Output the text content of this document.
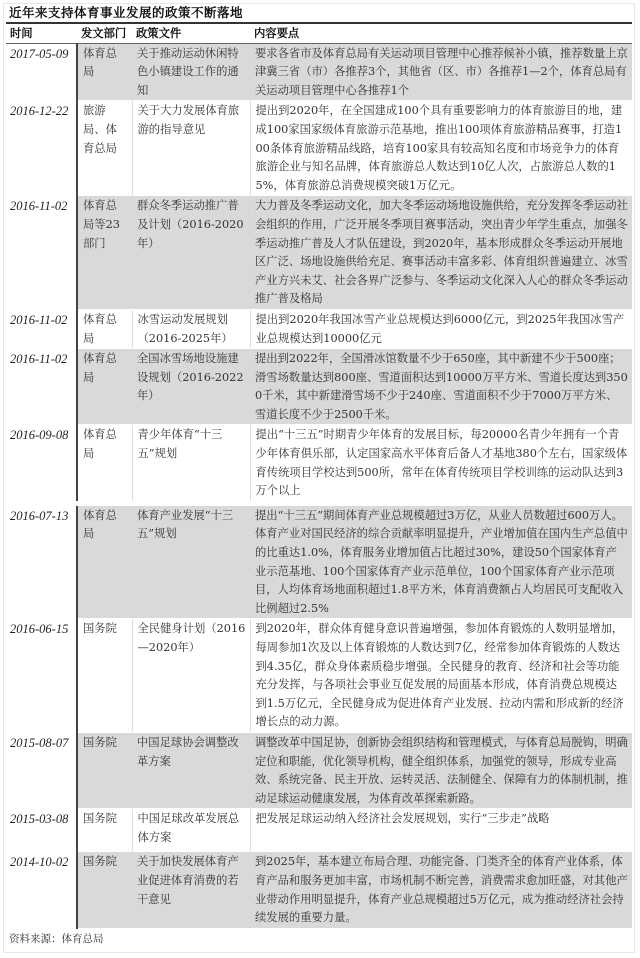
近年来支持体育事业发展的政策不断落地
时间	发文部门	政策文件	内容要点
2017-05-09	体育总局	关于推动运动休闲特色小镇建设工作的通知	要求各省市及体育总局有关运动项目管理中心推荐候补小镇，推荐数量上京津冀三省（市）各推荐3个，其他省（区、市）各推荐1—2个，体育总局有关运动项目管理中心各推荐1个
2016-12-22	旅游局、体育总局	关于大力发展体育旅游的指导意见	提出到2020年，在全国建成100个具有重要影响力的体育旅游目的地，建成100家国家级体育旅游示范基地，推出100项体育旅游精品赛事，打造100条体育旅游精品线路，培育100家具有较高知名度和市场竞争力的体育旅游企业与知名品牌，体育旅游总人数达到10亿人次，占旅游总人数的15%，体育旅游总消费规模突破1万亿元。
2016-11-02	体育总局等23部门	群众冬季运动推广普及计划（2016-2020年）	大力普及冬季运动文化，加大冬季运动场地设施供给，充分发挥冬季运动社会组织的作用，广泛开展冬季项目赛事活动，突出青少年学生重点，加强冬季运动推广普及人才队伍建设，到2020年，基本形成群众冬季运动开展地区广泛、场地设施供给充足、赛事活动丰富多彩、体育组织普遍建立、冰雪产业方兴未艾、社会各界广泛参与、冬季运动文化深入人心的群众冬季运动推广普及格局
2016-11-02	体育总局	冰雪运动发展规划（2016-2025年）	提出到2020年我国冰雪产业总规模达到6000亿元，到2025年我国冰雪产业总规模达到10000亿元
2016-11-02	体育总局	全国冰雪场地设施建设规划（2016-2022年）	提出到2022年，全国滑冰馆数量不少于650座，其中新建不少于500座；滑雪场数量达到800座、雪道面积达到10000万平方米、雪道长度达到3500千米，其中新建滑雪场不少于240座、雪道面积不少于7000万平方米、雪道长度不少于2500千米。
2016-09-08	体育总局	青少年体育“十三五”规划	提出“十三五”时期青少年体育的发展目标，每20000名青少年拥有一个青少年体育俱乐部，认定国家高水平体育后备人才基地380个左右，国家级体育传统项目学校达到500所，常年在体育传统项目学校训练的运动队达到3万个以上
2016-07-13	体育总局	体育产业发展“十三五”规划	提出“十三五”期间体育产业总规模超过3万亿，从业人员数超过600万人。体育产业对国民经济的综合贡献率明显提升，产业增加值在国内生产总值中的比重达1.0%，体育服务业增加值占比超过30%，建设50个国家体育产业示范基地、100个国家体育产业示范单位，100个国家体育产业示范项目，人均体育场地面积超过1.8平方米，体育消费额占人均居民可支配收入比例超过2.5%
2016-06-15	国务院	全民健身计划（2016—2020年）	到2020年，群众体育健身意识普遍增强，参加体育锻炼的人数明显增加，每周参加1次及以上体育锻炼的人数达到7亿，经常参加体育锻炼的人数达到4.35亿，群众身体素质稳步增强。全民健身的教育、经济和社会等功能充分发挥，与各项社会事业互促发展的局面基本形成，体育消费总规模达到1.5万亿元，全民健身成为促进体育产业发展、拉动内需和形成新的经济增长点的动力源。
2015-08-07	国务院	中国足球协会调整改革方案	调整改革中国足协，创新协会组织结构和管理模式，与体育总局脱钩，明确定位和职能，优化领导机构，健全组织体系，加强党的领导，形成专业高效、系统完备、民主开放、运转灵活、法制健全、保障有力的体制机制，推动足球运动健康发展，为体育改革探索新路。
2015-03-08	国务院	中国足球改革发展总体方案	把发展足球运动纳入经济社会发展规划，实行“三步走”战略
2014-10-02	国务院	关于加快发展体育产业促进体育消费的若干意见	到2025年，基本建立布局合理、功能完备、门类齐全的体育产业体系，体育产品和服务更加丰富，市场机制不断完善，消费需求愈加旺盛，对其他产业带动作用明显提升，体育产业总规模超过5万亿元，成为推动经济社会持续发展的重要力量。
资料来源：体育总局
